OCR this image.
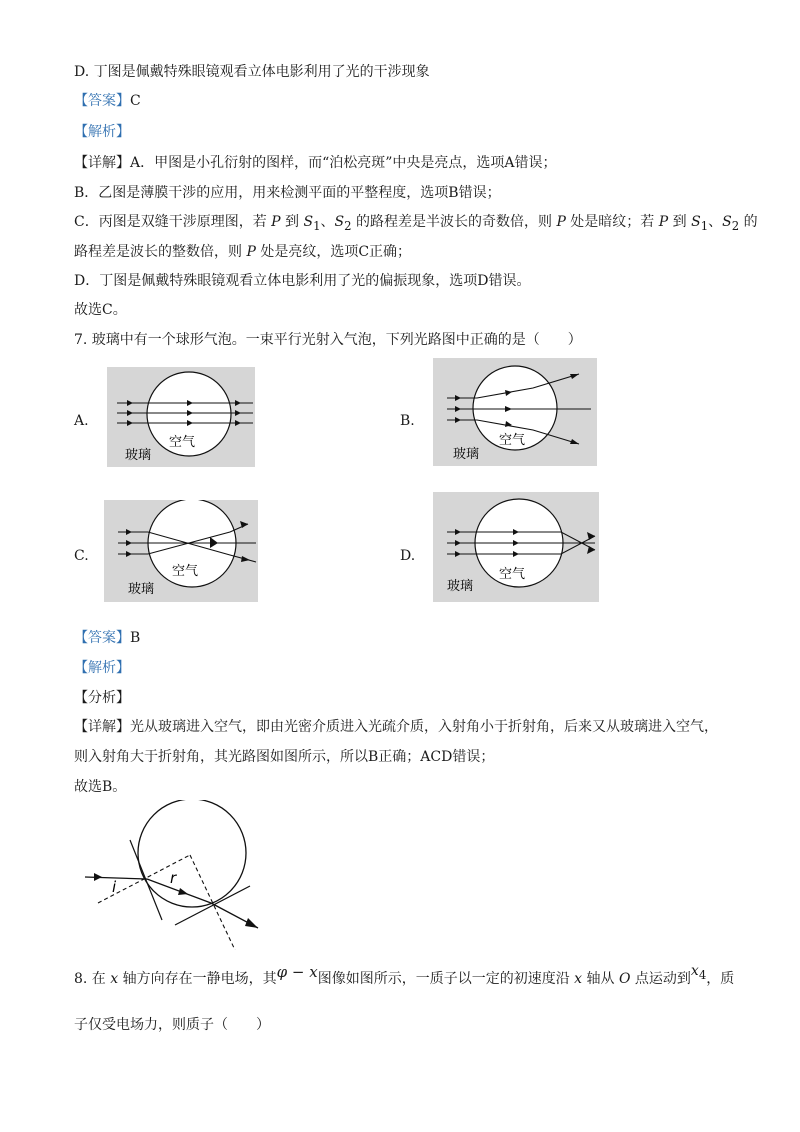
D. 丁图是佩戴特殊眼镜观看立体电影利用了光的干涉现象
【答案】C
【解析】
【详解】A．甲图是小孔衍射的图样，而“泊松亮斑”中央是亮点，选项A错误；
B．乙图是薄膜干涉的应用，用来检测平面的平整程度，选项B错误；
C．丙图是双缝干涉原理图，若 P 到 $S_1$、$S_2$ 的路程差是半波长的奇数倍，则 P 处是暗纹；若 P 到 $S_1$、$S_2$ 的
路程差是波长的整数倍，则 P 处是亮纹，选项C正确；
D．丁图是佩戴特殊眼镜观看立体电影利用了光的偏振现象，选项D错误。
故选C。
7. 玻璃中有一个球形气泡。一束平行光射入气泡，下列光路图中正确的是（　　）
A.	B.
C.	D.
空气
玻璃
空气
玻璃
空气
玻璃
空气
玻璃
【答案】B
【解析】
【分析】
【详解】光从玻璃进入空气，即由光密介质进入光疏介质，入射角小于折射角，后来又从玻璃进入空气，
则入射角大于折射角，其光路图如图所示，所以B正确；ACD错误；
故选B。
i	r
8. 在 x 轴方向存在一静电场，其φ − x图像如图所示，一质子以一定的初速度沿 x 轴从 O 点运动到$x_4$，质
子仅受电场力，则质子（　　）
